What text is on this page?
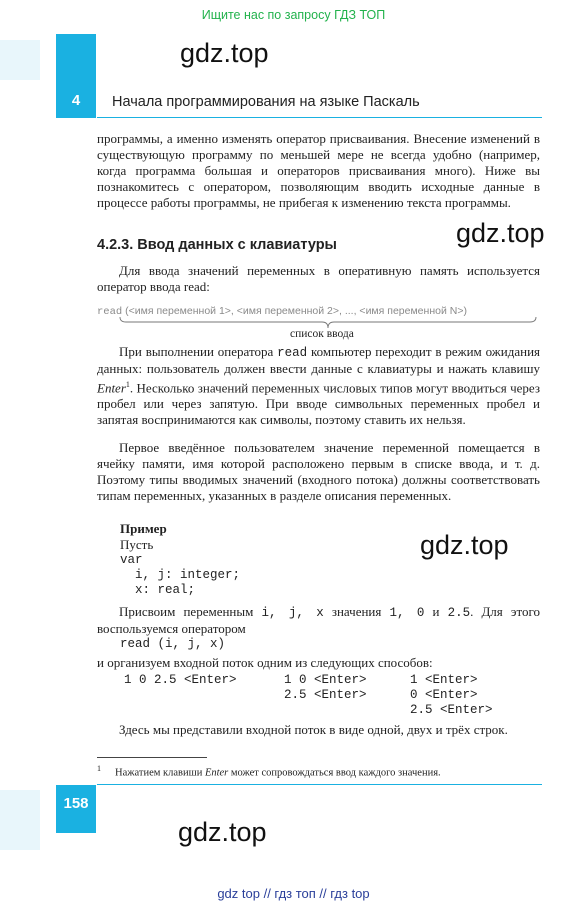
Ищите нас по запросу ГДЗ ТОП
4	Начала программирования на языке Паскаль
gdz.top
gdz.top
gdz.top
gdz.top
программы, а именно изменять оператор присваивания. Внесение изменений в существующую программу по меньшей мере не всегда удобно (например, когда программа большая и операторов присваивания много). Ниже вы познакомитесь с оператором, позволяющим вводить исходные данные в процессе работы программы, не прибегая к изменению текста программы.
4.2.3. Ввод данных с клавиатуры
Для ввода значений переменных в оперативную память используется оператор ввода read:
read (<имя переменной 1>, <имя переменной 2>, ..., <имя переменной N>)
список ввода
При выполнении оператора read компьютер переходит в режим ожидания данных: пользователь должен ввести данные с клавиатуры и нажать клавишу Enter$^1$. Несколько значений переменных числовых типов могут вводиться через пробел или через запятую. При вводе символьных переменных пробел и запятая воспринимаются как символы, поэтому ставить их нельзя.
Первое введённое пользователем значение переменной помещается в ячейку памяти, имя которой расположено первым в списке ввода, и т. д. Поэтому типы вводимых значений (входного потока) должны соответствовать типам переменных, указанных в разделе описания переменных.
Пример
Пусть
var
i, j: integer;
x: real;
Присвоим переменным i, j, x значения 1, 0 и 2.5. Для этого воспользуемся оператором
read (i, j, x)
и организуем входной поток одним из следующих способов:
1 0 2.5 <Enter>	1 0 <Enter>
2.5 <Enter>
1 <Enter>
0 <Enter>
2.5 <Enter>
Здесь мы представили входной поток в виде одной, двух и трёх строк.
$^1$ Нажатием клавиши Enter может сопровождаться ввод каждого значения.
158
gdz top // гдз топ // гдз top
